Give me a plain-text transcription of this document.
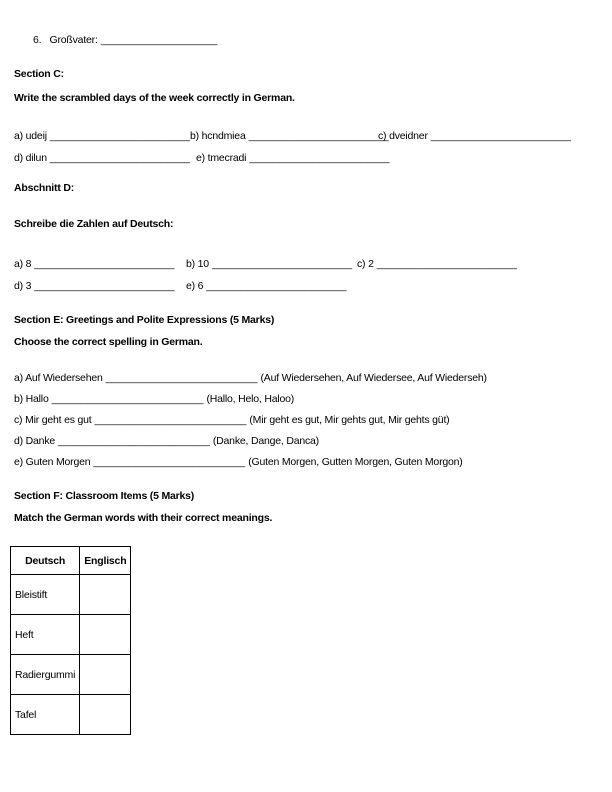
6. Großvater: ____________________
Section C:
Write the scrambled days of the week correctly in German.
a) udeij ________________________ b) hcndmiea ________________________
c) dveidner ________________________
d) dilun ________________________ e) tmecradi ________________________
Abschnitt D:
Schreibe die Zahlen auf Deutsch:
a) 8 ________________________	b) 10 ________________________ c) 2 ________________________
d) 3 ________________________	e) 6 ________________________
Section E: Greetings and Polite Expressions (5 Marks)
Choose the correct spelling in German.
a) Auf Wiedersehen __________________________ (Auf Wiedersehen, Auf Wiedersee, Auf Wiederseh)
b) Hallo __________________________ (Hallo, Helo, Haloo)
c) Mir geht es gut __________________________ (Mir geht es gut, Mir gehts gut, Mir gehts güt)
d) Danke __________________________ (Danke, Dange, Danca)
e) Guten Morgen __________________________ (Guten Morgen, Gutten Morgen, Guten Morgon)
Section F: Classroom Items (5 Marks)
Match the German words with their correct meanings.
Deutsch	Englisch
Bleistift	
Heft	
Radiergummi	
Tafel	
